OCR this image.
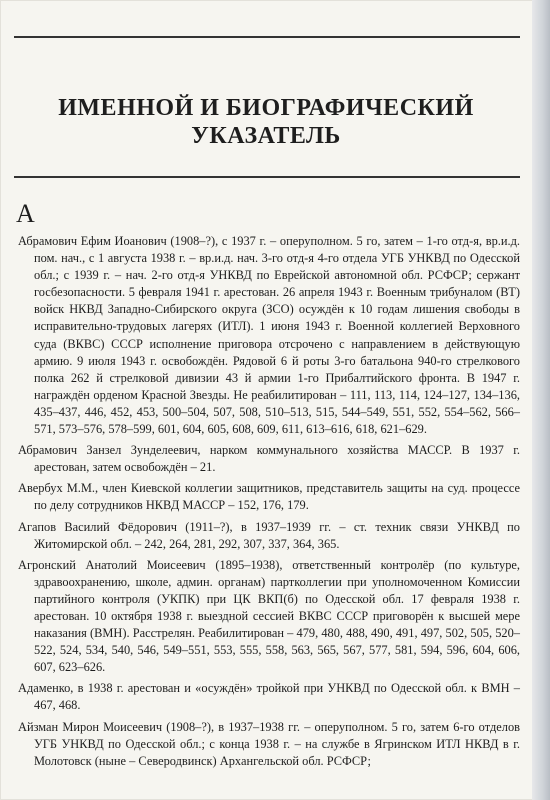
ИМЕННОЙ И БИОГРАФИЧЕСКИЙ УКАЗАТЕЛЬ
А

Абрамович Ефим Иоанович (1908–?), с 1937 г. – оперуполном. 5 го, затем – 1-го отд-я, вр.и.д. пом. нач., с 1 августа 1938 г. – вр.и.д. нач. 3-го отд-я 4-го отдела УГБ УНКВД по Одесской обл.; с 1939 г. – нач. 2-го отд-я УНКВД по Еврейской автономной обл. РСФСР; сержант госбезопасности. 5 февраля 1941 г. арестован. 26 апреля 1943 г. Военным трибуналом (ВТ) войск НКВД Западно-Сибирского округа (ЗСО) осуждён к 10 годам лишения свободы в исправительно-трудовых лагерях (ИТЛ). 1 июня 1943 г. Военной коллегией Верховного суда (ВКВС) СССР исполнение приговора отсрочено с направлением в действующую армию. 9 июля 1943 г. освобождён. Рядовой 6 й роты 3-го батальона 940-го стрелкового полка 262 й стрелковой дивизии 43 й армии 1-го Прибалтийского фронта. В 1947 г. награждён орденом Красной Звезды. Не реабилитирован – 111, 113, 114, 124–127, 134–136, 435–437, 446, 452, 453, 500–504, 507, 508, 510–513, 515, 544–549, 551, 552, 554–562, 566–571, 573–576, 578–599, 601, 604, 605, 608, 609, 611, 613–616, 618, 621–629.

Абрамович Занзел Зунделеевич, нарком коммунального хозяйства МАССР. В 1937 г. арестован, затем освобождён – 21.

Авербух М.М., член Киевской коллегии защитников, представитель защиты на суд. процессе по делу сотрудников НКВД МАССР – 152, 176, 179.

Агапов Василий Фёдорович (1911–?), в 1937–1939 гг. – ст. техник связи УНКВД по Житомирской обл. – 242, 264, 281, 292, 307, 337, 364, 365.

Агронский Анатолий Моисеевич (1895–1938), ответственный контролёр (по культуре, здравоохранению, школе, админ. органам) партколлегии при уполномоченном Комиссии партийного контроля (УКПК) при ЦК ВКП(б) по Одесской обл. 17 февраля 1938 г. арестован. 10 октября 1938 г. выездной сессией ВКВС СССР приговорён к высшей мере наказания (ВМН). Расстрелян. Реабилитирован – 479, 480, 488, 490, 491, 497, 502, 505, 520–522, 524, 534, 540, 546, 549–551, 553, 555, 558, 563, 565, 567, 577, 581, 594, 596, 604, 606, 607, 623–626.

Адаменко, в 1938 г. арестован и «осуждён» тройкой при УНКВД по Одесской обл. к ВМН – 467, 468.

Айзман Мирон Моисеевич (1908–?), в 1937–1938 гг. – оперуполном. 5 го, затем 6-го отделов УГБ УНКВД по Одесской обл.; с конца 1938 г. – на службе в Ягринском ИТЛ НКВД в г. Молотовск (ныне – Северодвинск) Архангельской обл. РСФСР;
